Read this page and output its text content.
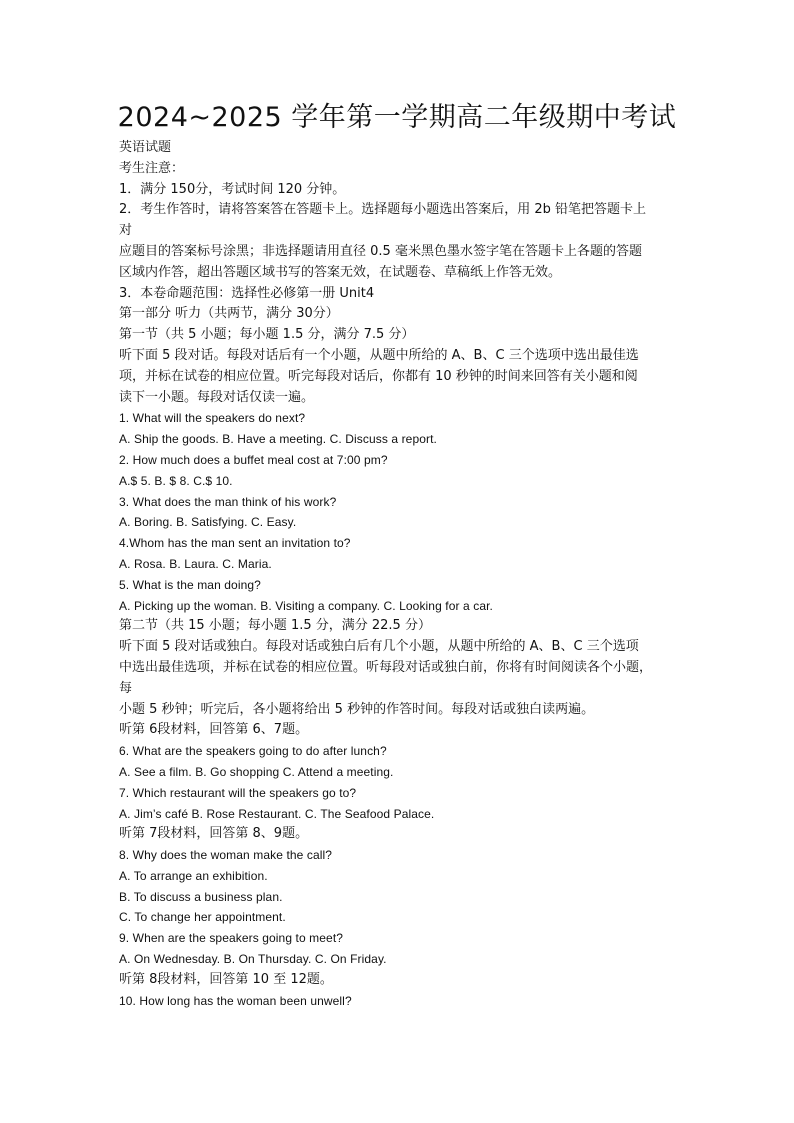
2024~2025 学年第一学期高二年级期中考试
英语试题
考生注意：
1．满分 150分，考试时间 120 分钟。
2．考生作答时，请将答案答在答题卡上。选择题每小题选出答案后，用 2b 铅笔把答题卡上
对
应题目的答案标号涂黑；非选择题请用直径 0.5 毫米黑色墨水签字笔在答题卡上各题的答题
区域内作答，超出答题区域书写的答案无效，在试题卷、草稿纸上作答无效。
3．本卷命题范围：选择性必修第一册 Unit4
第一部分 听力（共两节，满分 30分）
第一节（共 5 小题；每小题 1.5 分，满分 7.5 分）
听下面 5 段对话。每段对话后有一个小题，从题中所给的 A、B、C 三个选项中选出最佳选
项，并标在试卷的相应位置。听完每段对话后，你都有 10 秒钟的时间来回答有关小题和阅
读下一小题。每段对话仅读一遍。
1. What will the speakers do next?
A. Ship the goods. B. Have a meeting. C. Discuss a report.
2. How much does a buffet meal cost at 7:00 pm?
A.$ 5. B. $ 8. C.$ 10.
3. What does the man think of his work?
A. Boring. B. Satisfying. C. Easy.
4.Whom has the man sent an invitation to?
A. Rosa. B. Laura. C. Maria.
5. What is the man doing?
A. Picking up the woman. B. Visiting a company. C. Looking for a car.
第二节（共 15 小题；每小题 1.5 分，满分 22.5 分）
听下面 5 段对话或独白。每段对话或独白后有几个小题，从题中所给的 A、B、C 三个选项
中选出最佳选项，并标在试卷的相应位置。听每段对话或独白前，你将有时间阅读各个小题，
每
小题 5 秒钟；听完后，各小题将给出 5 秒钟的作答时间。每段对话或独白读两遍。
听第 6段材料，回答第 6、7题。
6. What are the speakers going to do after lunch?
A. See a film. B. Go shopping C. Attend a meeting.
7. Which restaurant will the speakers go to?
A. Jim’s café B. Rose Restaurant. C. The Seafood Palace.
听第 7段材料，回答第 8、9题。
8. Why does the woman make the call?
A. To arrange an exhibition.
B. To discuss a business plan.
C. To change her appointment.
9. When are the speakers going to meet?
A. On Wednesday. B. On Thursday. C. On Friday.
听第 8段材料，回答第 10 至 12题。
10. How long has the woman been unwell?
